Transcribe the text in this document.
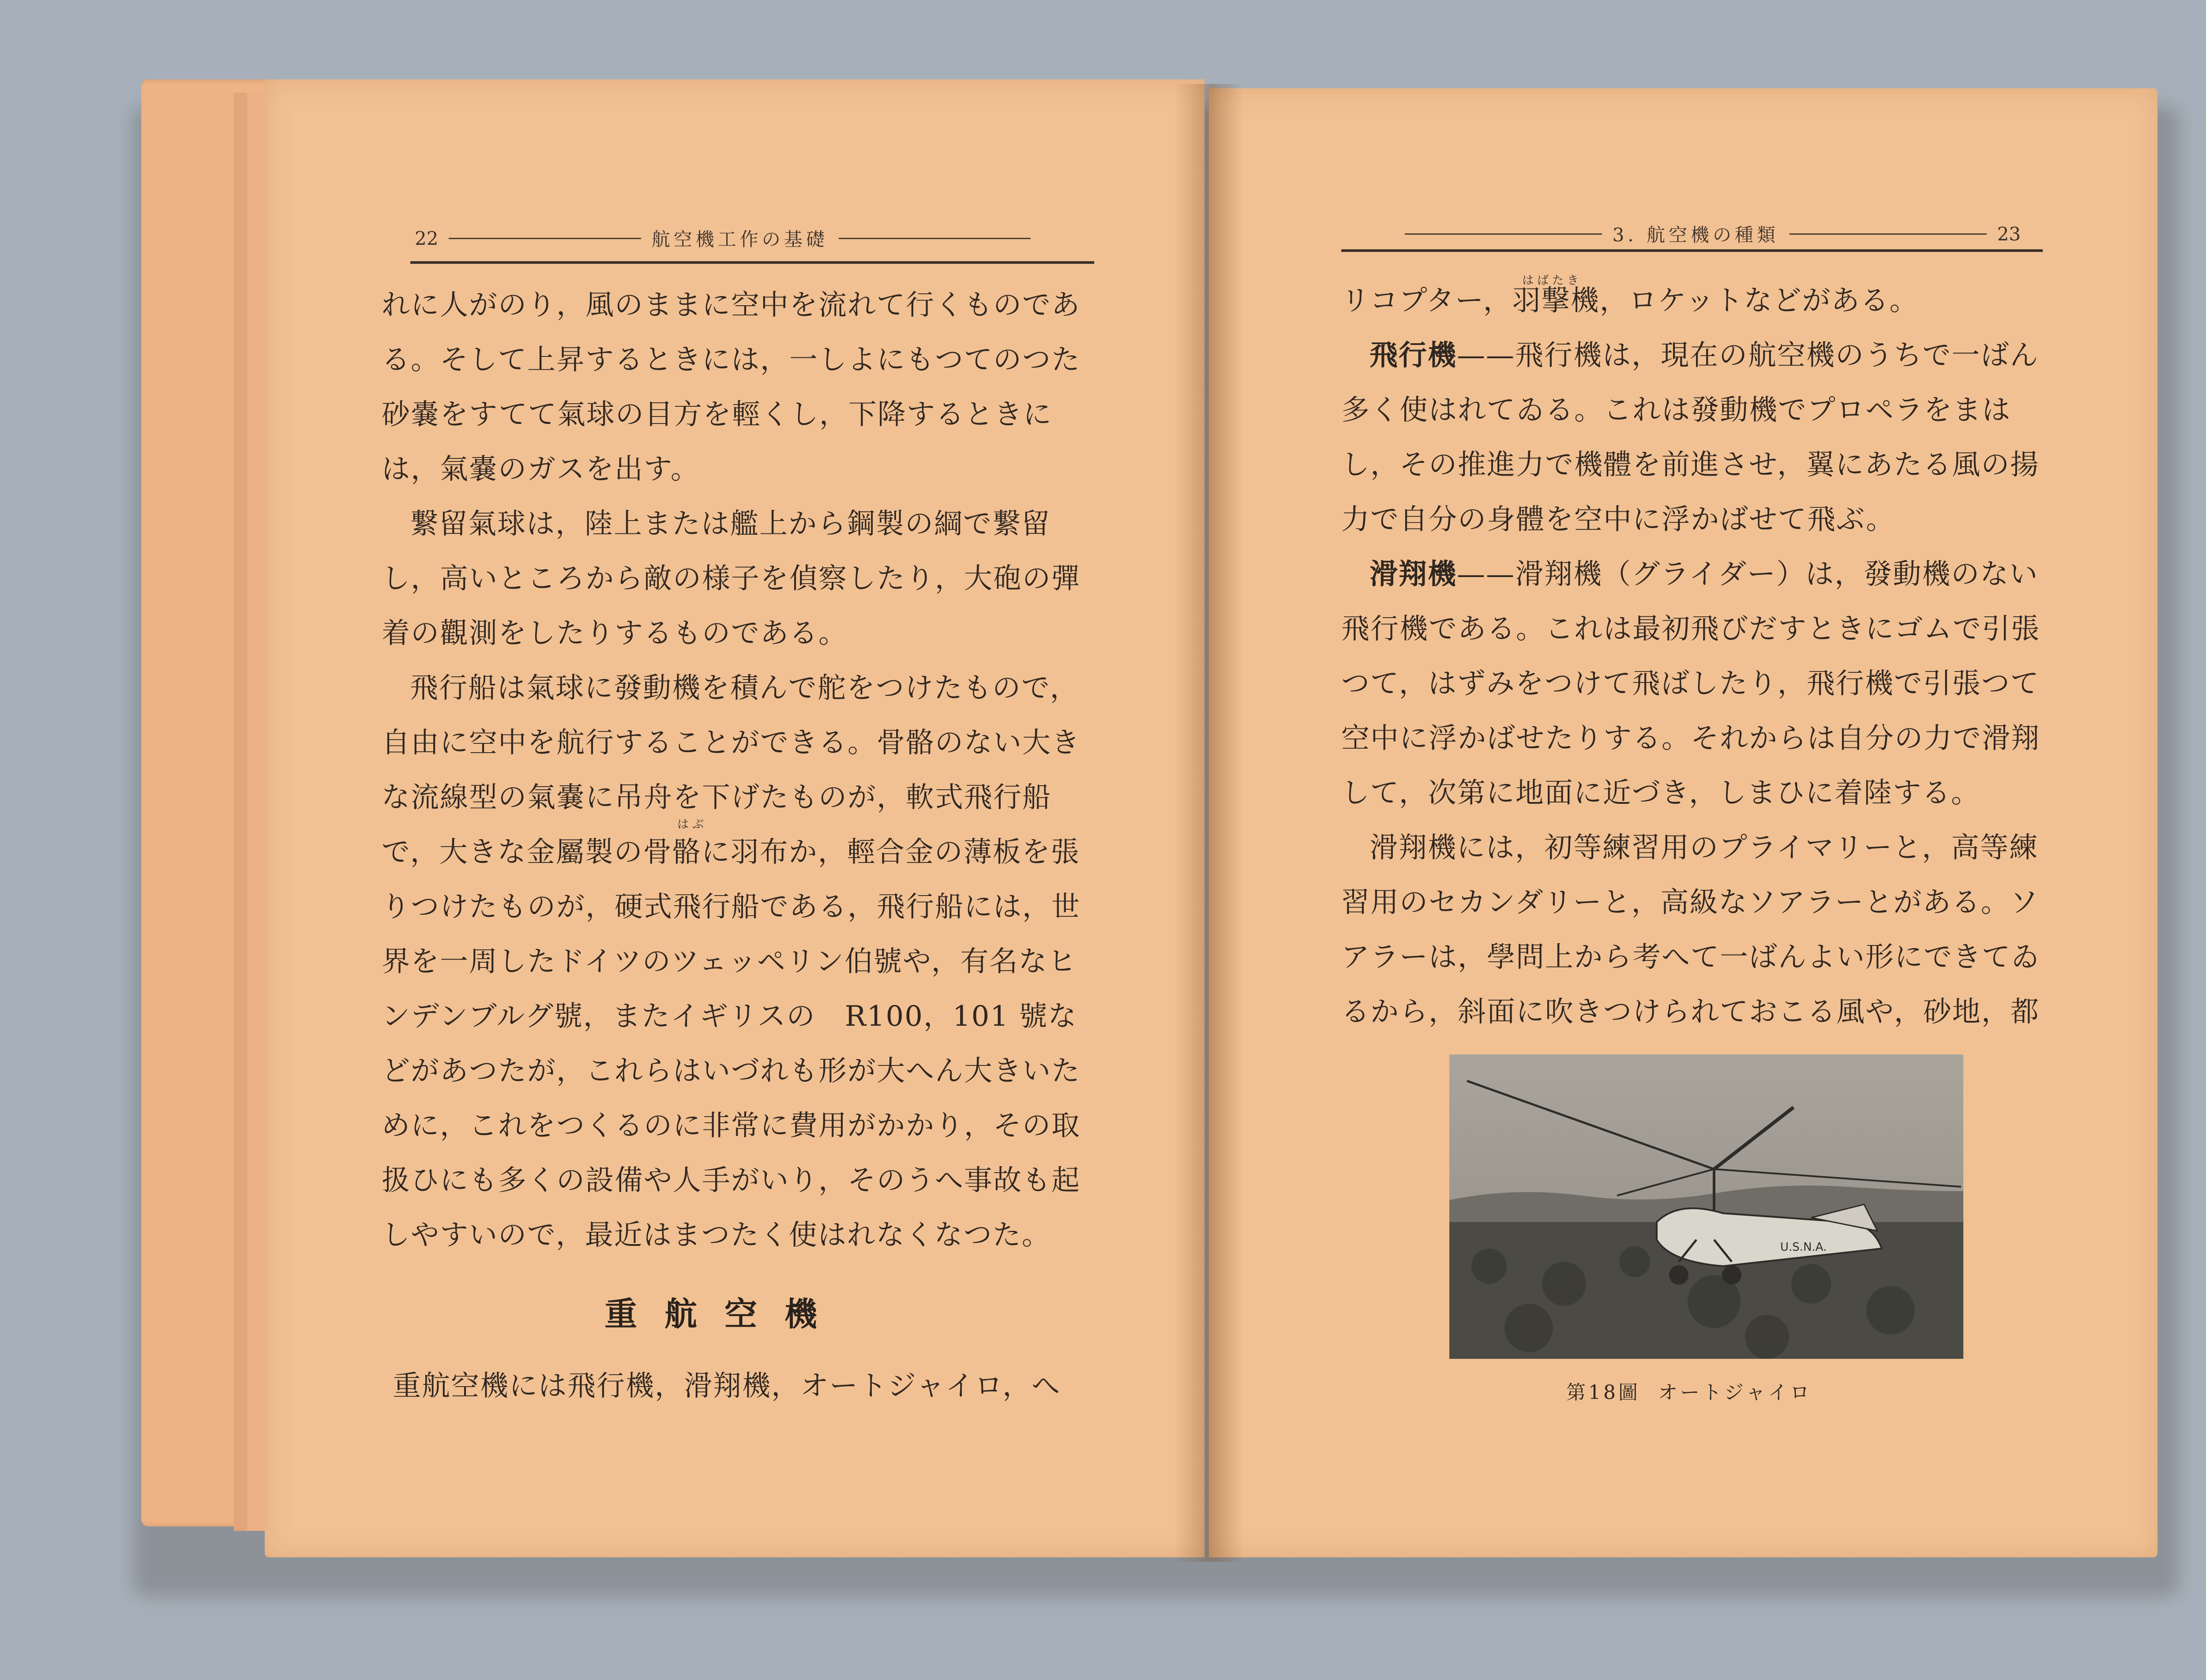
22	航空機工作の基礎
はぶ

れに人がのり，風のままに空中を流れて行くものである。そして上昇するときには，一しよにもつてのつた砂嚢をすてて氣球の目方を輕くし，下降するときには，氣嚢のガスを出す。

繋留氣球は，陸上または艦上から鋼製の綱で繋留し，高いところから敵の様子を偵察したり，大砲の彈着の觀測をしたりするものである。

飛行船は氣球に發動機を積んで舵をつけたもので，自由に空中を航行することができる。骨骼のない大きな流線型の氣嚢に吊舟を下げたものが，軟式飛行船で，大きな金屬製の骨骼に羽布か，輕合金の薄板を張りつけたものが，硬式飛行船である，飛行船には，世界を一周したドイツのツェッペリン伯號や，有名なヒンデンブルグ號，またイギリスの　R100，101 號などがあつたが，これらはいづれも形が大へん大きいために，これをつくるのに非常に費用がかかり，その取扱ひにも多くの設備や人手がいり，そのうへ事故も起しやすいので，最近はまつたく使はれなくなつた。

重航空機

重航空機には飛行機，滑翔機，オートジャイロ，へ

3. 航空機の種類	23
はばたき

リコプター，羽撃機，ロケットなどがある。

飛行機——飛行機は，現在の航空機のうちで一ばん多く使はれてゐる。これは發動機でプロペラをまはし，その推進力で機體を前進させ，翼にあたる風の揚力で自分の身體を空中に浮かばせて飛ぶ。

滑翔機——滑翔機（グライダー）は，發動機のない飛行機である。これは最初飛びだすときにゴムで引張つて，はずみをつけて飛ばしたり，飛行機で引張つて空中に浮かばせたりする。それからは自分の力で滑翔して，次第に地面に近づき，しまひに着陸する。

滑翔機には，初等練習用のプライマリーと，高等練習用のセカンダリーと，高級なソアラーとがある。ソアラーは，學問上から考へて一ばんよい形にできてゐるから，斜面に吹きつけられておこる風や，砂地，都

U.S.N.A.
第18圖 オートジャイロ
